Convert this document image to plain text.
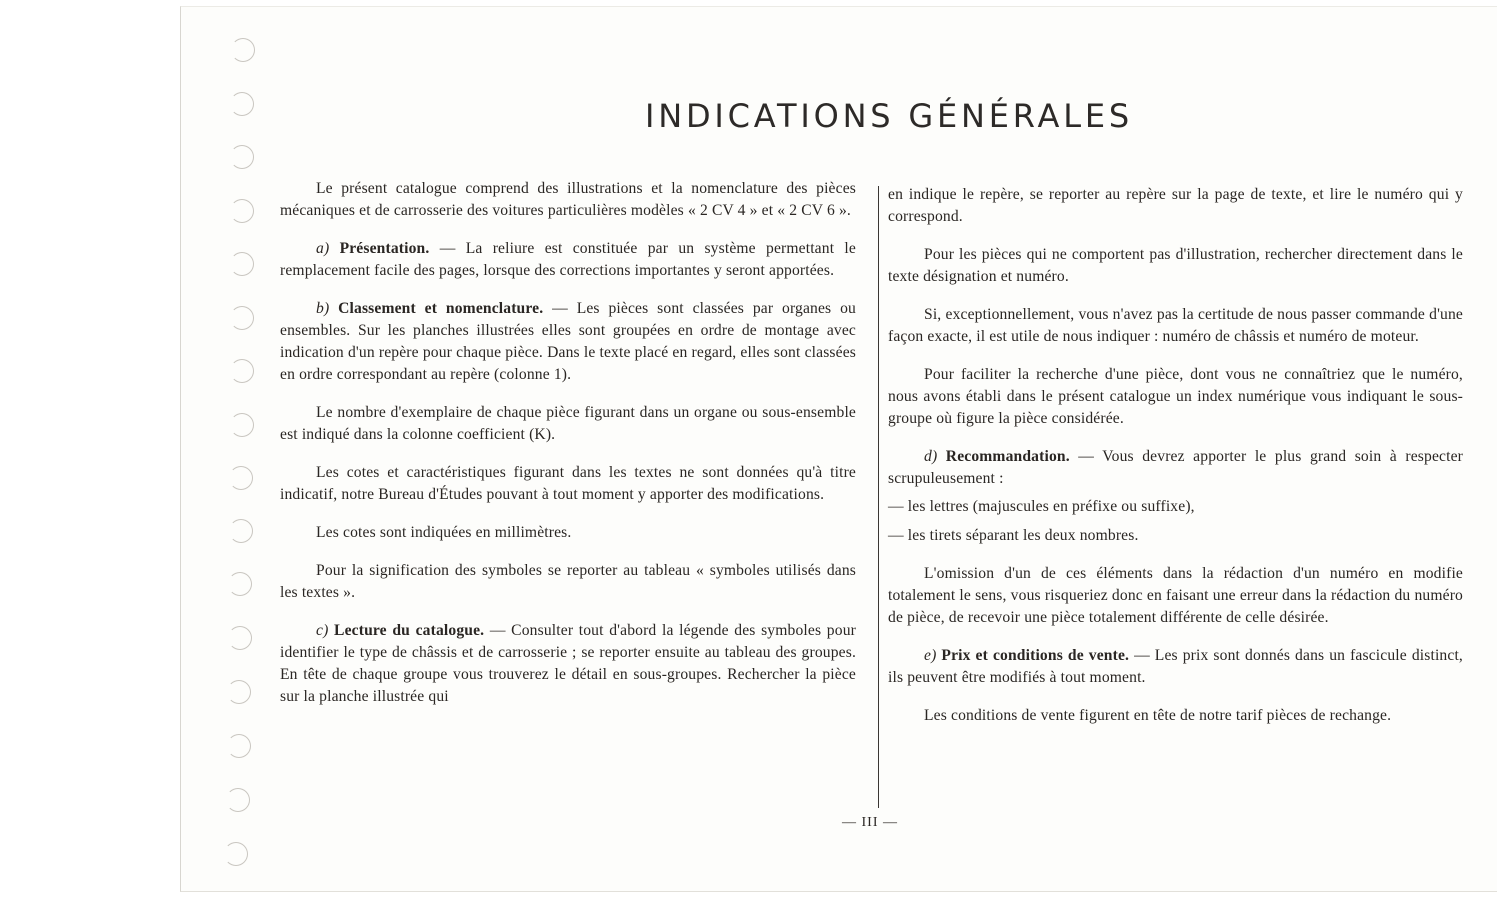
INDICATIONS GÉNÉRALES

Le présent catalogue comprend des illustrations et la nomenclature des pièces mécaniques et de carrosserie des voitures particulières modèles « 2 CV 4 » et « 2 CV 6 ».

a) Présentation. — La reliure est constituée par un système permettant le remplacement facile des pages, lorsque des corrections importantes y seront apportées.

b) Classement et nomenclature. — Les pièces sont classées par organes ou ensembles. Sur les planches illustrées elles sont groupées en ordre de montage avec indication d'un repère pour chaque pièce. Dans le texte placé en regard, elles sont classées en ordre correspondant au repère (colonne 1).

Le nombre d'exemplaire de chaque pièce figurant dans un organe ou sous-ensemble est indiqué dans la colonne coefficient (K).

Les cotes et caractéristiques figurant dans les textes ne sont données qu'à titre indicatif, notre Bureau d'Études pouvant à tout moment y apporter des modifications.

Les cotes sont indiquées en millimètres.

Pour la signification des symboles se reporter au tableau « symboles utilisés dans les textes ».

c) Lecture du catalogue. — Consulter tout d'abord la légende des symboles pour identifier le type de châssis et de carrosserie ; se reporter ensuite au tableau des groupes. En tête de chaque groupe vous trouverez le détail en sous-groupes. Rechercher la pièce sur la planche illustrée qui

en indique le repère, se reporter au repère sur la page de texte, et lire le numéro qui y correspond.

Pour les pièces qui ne comportent pas d'illustration, rechercher directement dans le texte désignation et numéro.

Si, exceptionnellement, vous n'avez pas la certitude de nous passer commande d'une façon exacte, il est utile de nous indiquer : numéro de châssis et numéro de moteur.

Pour faciliter la recherche d'une pièce, dont vous ne connaîtriez que le numéro, nous avons établi dans le présent catalogue un index numérique vous indiquant le sous-groupe où figure la pièce considérée.

d) Recommandation. — Vous devrez apporter le plus grand soin à respecter scrupuleusement :

— les lettres (majuscules en préfixe ou suffixe),

— les tirets séparant les deux nombres.

L'omission d'un de ces éléments dans la rédaction d'un numéro en modifie totalement le sens, vous risqueriez donc en faisant une erreur dans la rédaction du numéro de pièce, de recevoir une pièce totalement différente de celle désirée.

e) Prix et conditions de vente. — Les prix sont donnés dans un fascicule distinct, ils peuvent être modifiés à tout moment.

Les conditions de vente figurent en tête de notre tarif pièces de rechange.

— III —
